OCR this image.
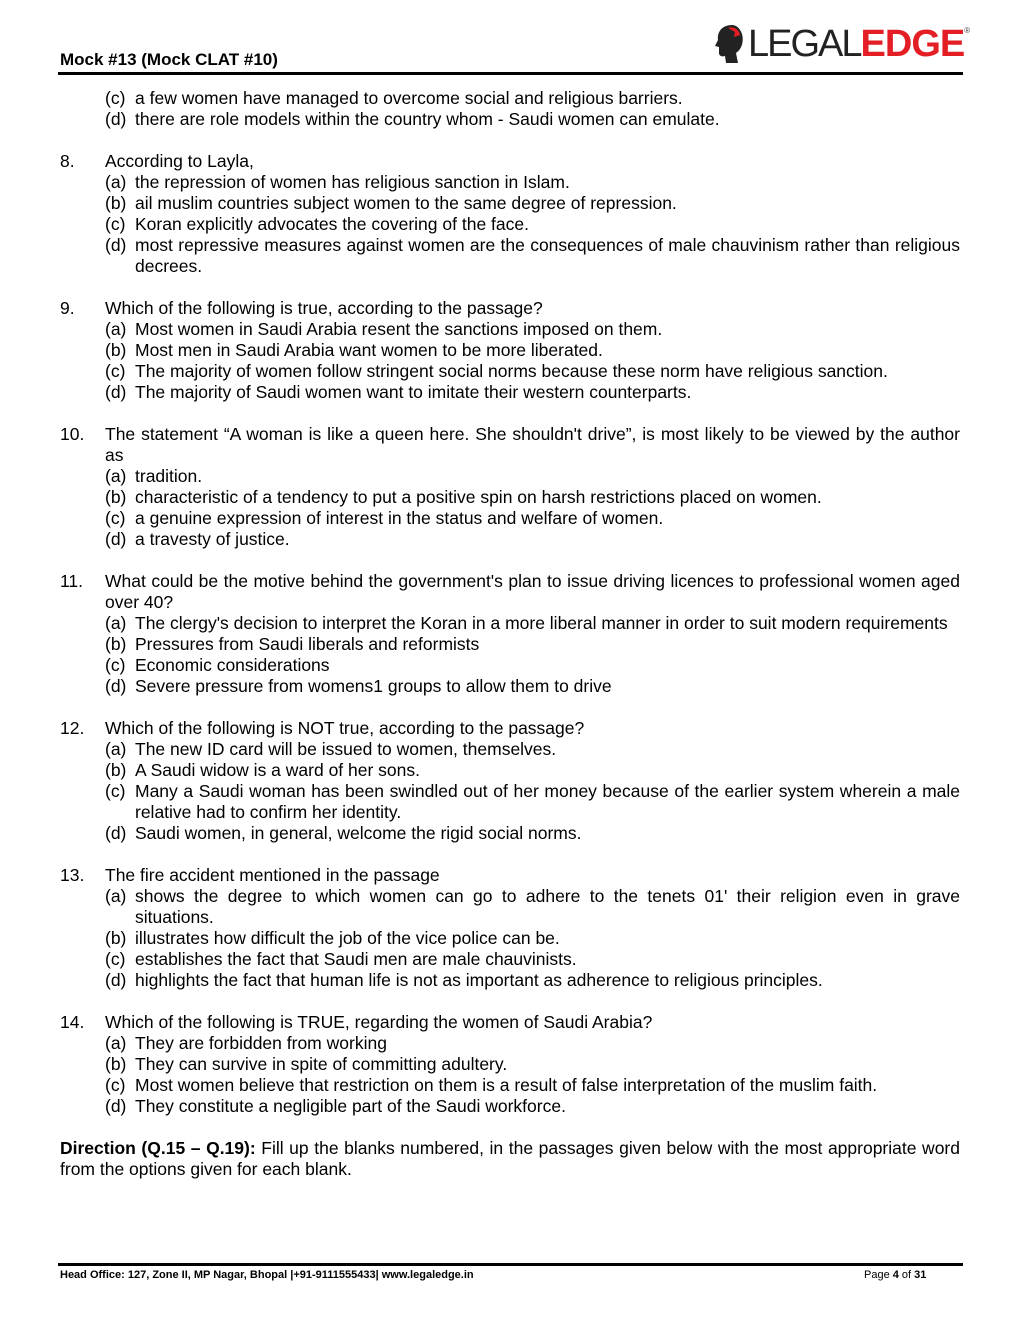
Mock #13 (Mock CLAT #10)	LEGAL EDGE ®
(c) a few women have managed to overcome social and religious barriers.
(d) there are role models within the country whom - Saudi women can emulate.
8.	According to Layla,
(a) the repression of women has religious sanction in Islam.
(b) ail muslim countries subject women to the same degree of repression.
(c) Koran explicitly advocates the covering of the face.
(d) most repressive measures against women are the consequences of male chauvinism rather than religious decrees.
9.	Which of the following is true, according to the passage?
(a) Most women in Saudi Arabia resent the sanctions imposed on them.
(b) Most men in Saudi Arabia want women to be more liberated.
(c) The majority of women follow stringent social norms because these norm have religious sanction.
(d) The majority of Saudi women want to imitate their western counterparts.
10.	The statement “A woman is like a queen here. She shouldn't drive”, is most likely to be viewed by the author as
(a) tradition.
(b) characteristic of a tendency to put a positive spin on harsh restrictions placed on women.
(c) a genuine expression of interest in the status and welfare of women.
(d) a travesty of justice.
11.	What could be the motive behind the government's plan to issue driving licences to professional women aged over 40?
(a) The clergy's decision to interpret the Koran in a more liberal manner in order to suit modern requirements
(b) Pressures from Saudi liberals and reformists
(c) Economic considerations
(d) Severe pressure from womens1 groups to allow them to drive
12.	Which of the following is NOT true, according to the passage?
(a) The new ID card will be issued to women, themselves.
(b) A Saudi widow is a ward of her sons.
(c) Many a Saudi woman has been swindled out of her money because of the earlier system wherein a male relative had to confirm her identity.
(d) Saudi women, in general, welcome the rigid social norms.
13.	The fire accident mentioned in the passage
(a) shows the degree to which women can go to adhere to the tenets 01' their religion even in grave situations.
(b) illustrates how difficult the job of the vice police can be.
(c) establishes the fact that Saudi men are male chauvinists.
(d) highlights the fact that human life is not as important as adherence to religious principles.
14.	Which of the following is TRUE, regarding the women of Saudi Arabia?
(a) They are forbidden from working
(b) They can survive in spite of committing adultery.
(c) Most women believe that restriction on them is a result of false interpretation of the muslim faith.
(d) They constitute a negligible part of the Saudi workforce.
Direction (Q.15 – Q.19): Fill up the blanks numbered, in the passages given below with the most appropriate word from the options given for each blank.
Head Office: 127, Zone II, MP Nagar, Bhopal |+91-9111555433| www.legaledge.in	Page 4 of 31
